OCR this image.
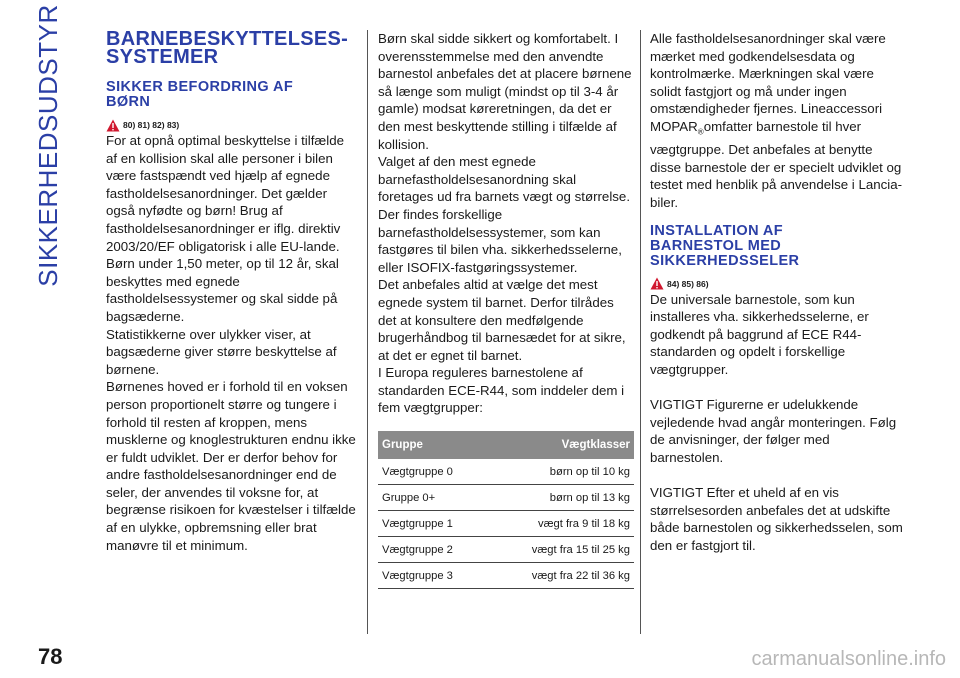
SIKKERHEDSUDSTYR BARNEBESKYTTELSES-
SYSTEMER
SIKKER BEFORDRING AF
BØRN
80) 81) 82) 83)

For at opnå optimal beskyttelse i tilfælde af en kollision skal alle personer i bilen være fastspændt ved hjælp af egnede fastholdelsesanordninger. Det gælder også nyfødte og børn! Brug af fastholdelsesanordninger er iflg. direktiv 2003/20/EF obligatorisk i alle EU-lande.

Børn under 1,50 meter, op til 12 år, skal beskyttes med egnede fastholdelsessystemer og skal sidde på bagsæderne.

Statistikkerne over ulykker viser, at bagsæderne giver større beskyttelse af børnene.

Børnenes hoved er i forhold til en voksen person proportionelt større og tungere i forhold til resten af kroppen, mens musklerne og knoglestrukturen endnu ikke er fuldt udviklet. Der er derfor behov for andre fastholdelsesanordninger end de seler, der anvendes til voksne for, at begrænse risikoen for kvæstelser i tilfælde af en ulykke, opbremsning eller brat manøvre til et minimum.

Børn skal sidde sikkert og komfortabelt. I overensstemmelse med den anvendte barnestol anbefales det at placere børnene så længe som muligt (mindst op til 3-4 år gamle) modsat køreretningen, da det er den mest beskyttende stilling i tilfælde af kollision.

Valget af den mest egnede barnefastholdelsesanordning skal foretages ud fra barnets vægt og størrelse. Der findes forskellige barnefastholdelsessystemer, som kan fastgøres til bilen vha. sikkerhedsselerne, eller ISOFIX-fastgøringssystemer.

Det anbefales altid at vælge det mest egnede system til barnet. Derfor tilrådes det at konsultere den medfølgende brugerhåndbog til barnesædet for at sikre, at det er egnet til barnet.

I Europa reguleres barnestolene af standarden ECE-R44, som inddeler dem i fem vægtgrupper:

Gruppe	Vægtklasser
Vægtgruppe 0	børn op til 10 kg
Gruppe 0+	børn op til 13 kg
Vægtgruppe 1	vægt fra 9 til 18 kg
Vægtgruppe 2	vægt fra 15 til 25 kg
Vægtgruppe 3	vægt fra 22 til 36 kg

Alle fastholdelsesanordninger skal være mærket med godkendelsesdata og kontrolmærke. Mærkningen skal være solidt fastgjort og må under ingen omstændigheder fjernes. Lineaccessori $MOPAR_®omfatter$ barnestole til hver vægtgruppe. Det anbefales at benytte disse barnestole der er specielt udviklet og testet med henblik på anvendelse i Lancia-biler.

INSTALLATION AF
BARNESTOL MED
SIKKERHEDSSELER
84) 85) 86)

De universale barnestole, som kun installeres vha. sikkerhedsselerne, er godkendt på baggrund af ECE R44-standarden og opdelt i forskellige vægtgrupper.

VIGTIGT Figurerne er udelukkende vejledende hvad angår monteringen. Følg de anvisninger, der følger med barnestolen.

VIGTIGT Efter et uheld af en vis størrelsesorden anbefales det at udskifte både barnestolen og sikkerhedsselen, som den er fastgjort til.

78	carmanualsonline.info
